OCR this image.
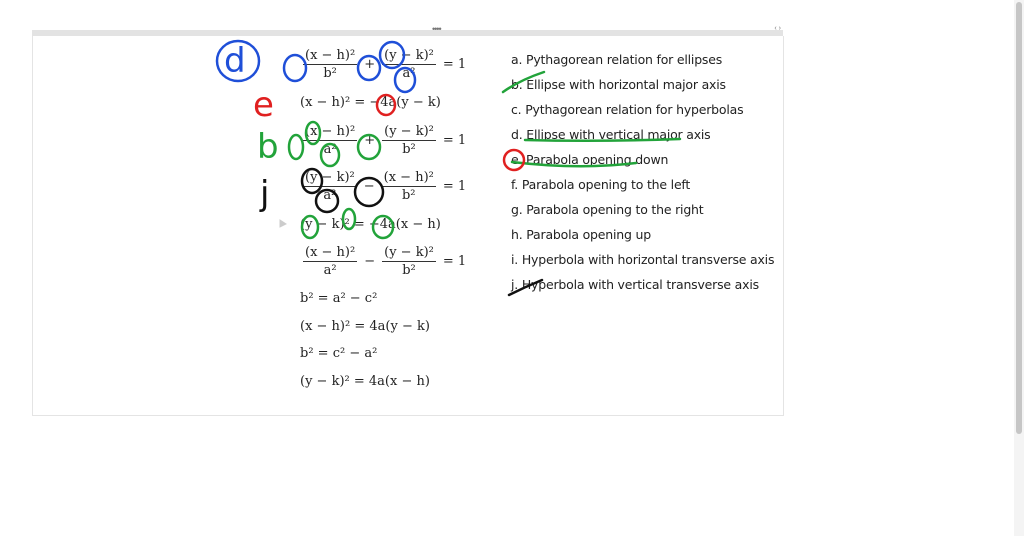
••••	‹ ›
$\frac{\text{(x − h)²}}{\text{b²}} + \frac{\text{(y − k)²}}{\text{a²}} = 1$
(x − h)² = −4a(y − k)
$\frac{\text{(x − h)²}}{\text{a²}} + \frac{\text{(y − k)²}}{\text{b²}} = 1$
$\frac{\text{(y − k)²}}{\text{a²}} - \frac{\text{(x − h)²}}{\text{b²}} = 1$
(y − k)² = −4a(x − h)
$\frac{\text{(x − h)²}}{\text{a²}} - \frac{\text{(y − k)²}}{\text{b²}} = 1$
b² = a² − c²
(x − h)² = 4a(y − k)
b² = c² − a²
(y − k)² = 4a(x − h)
a. Pythagorean relation for ellipses
b. Ellipse with horizontal major axis
c. Pythagorean relation for hyperbolas
d. Ellipse with vertical major axis
e. Parabola opening down
f. Parabola opening to the left
g. Parabola opening to the right
h. Parabola opening up
i. Hyperbola with horizontal transverse axis
j. Hyperbola with vertical transverse axis
d
e
b
j
